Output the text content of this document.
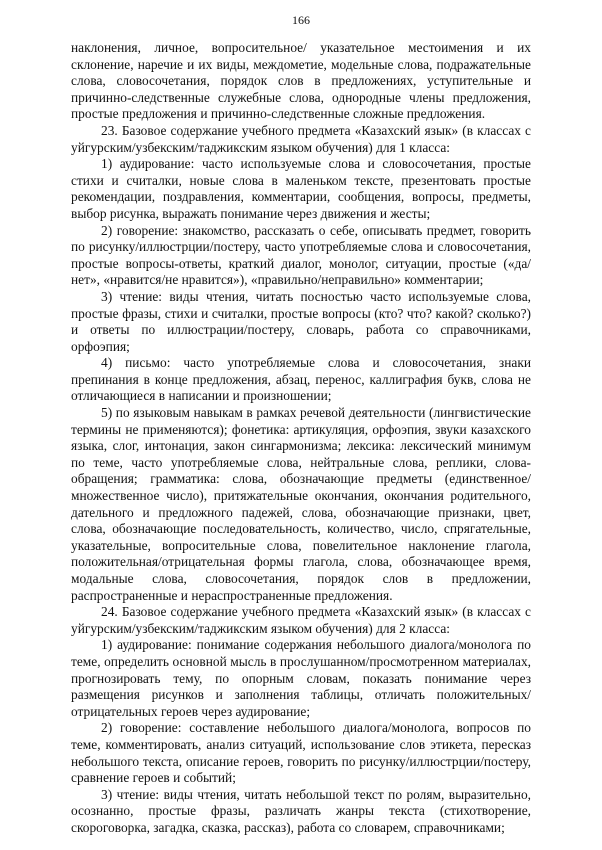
166

наклонения, личное, вопросительное/ указательное местоимения и их склонение, наречие и их виды, междометие, модельные слова, подражательные слова, словосочетания, порядок слов в предложениях, уступительные и причинно-следственные служебные слова, однородные члены предложения, простые предложения и причинно-следственные сложные предложения.

23. Базовое содержание учебного предмета «Казахский язык» (в классах с уйгурским/узбекским/таджикским языком обучения) для 1 класса:

1) аудирование: часто используемые слова и словосочетания, простые стихи и считалки, новые слова в маленьком тексте, презентовать простые рекомендации, поздравления, комментарии, сообщения, вопросы, предметы, выбор рисунка, выражать понимание через движения и жесты;

2) говорение: знакомство, рассказать о себе, описывать предмет, говорить по рисунку/иллюстрции/постеру, часто употребляемые слова и словосочетания, простые вопросы-ответы, краткий диалог, монолог, ситуации, простые («да/нет», «нравится/не нравится»), «правильно/неправильно» комментарии;

3) чтение: виды чтения, читать посностью часто используемые слова, простые фразы, стихи и считалки, простые вопросы (кто? что? какой? сколько?) и ответы по иллюстрации/постеру, словарь, работа со справочниками, орфоэпия;

4) письмо: часто употребляемые слова и словосочетания, знаки препинания в конце предложения, абзац, перенос, каллиграфия букв, слова не отличающиеся в написании и произношении;

5) по языковым навыкам в рамках речевой деятельности (лингвистические термины не применяются); фонетика: артикуляция, орфоэпия, звуки казахского языка, слог, интонация, закон сингармонизма; лексика: лексический минимум по теме, часто употребляемые слова, нейтральные слова, реплики, слова-обращения; грамматика: слова, обозначающие предметы (единственное/множественное число), притяжательные окончания, окончания родительного, дательного и предложного падежей, слова, обозначающие признаки, цвет, слова, обозначающие последовательность, количество, число, спрягательные, указательные, вопросительные слова, повелительное наклонение глагола, положительная/отрицательная формы глагола, слова, обозначающее время, модальные слова, словосочетания, порядок слов в предложении, распространенные и нераспространенные предложения.

24. Базовое содержание учебного предмета «Казахский язык» (в классах с уйгурским/узбекским/таджикским языком обучения) для 2 класса:

1) аудирование: понимание содержания небольшого диалога/монолога по теме, определить основной мысль в прослушанном/просмотренном материалах, прогнозировать тему, по опорным словам, показать понимание через размещения рисунков и заполнения таблицы, отличать положительных/отрицательных героев через аудирование;

2) говорение: составление небольшого диалога/монолога, вопросов по теме, комментировать, анализ ситуаций, использование слов этикета, пересказ небольшого текста, описание героев, говорить по рисунку/иллюстрции/постеру, сравнение героев и событий;

3) чтение: виды чтения, читать небольшой текст по ролям, выразительно, осознанно, простые фразы, различать жанры текста (стихотворение, скороговорка, загадка, сказка, рассказ), работа со словарем, справочниками;
